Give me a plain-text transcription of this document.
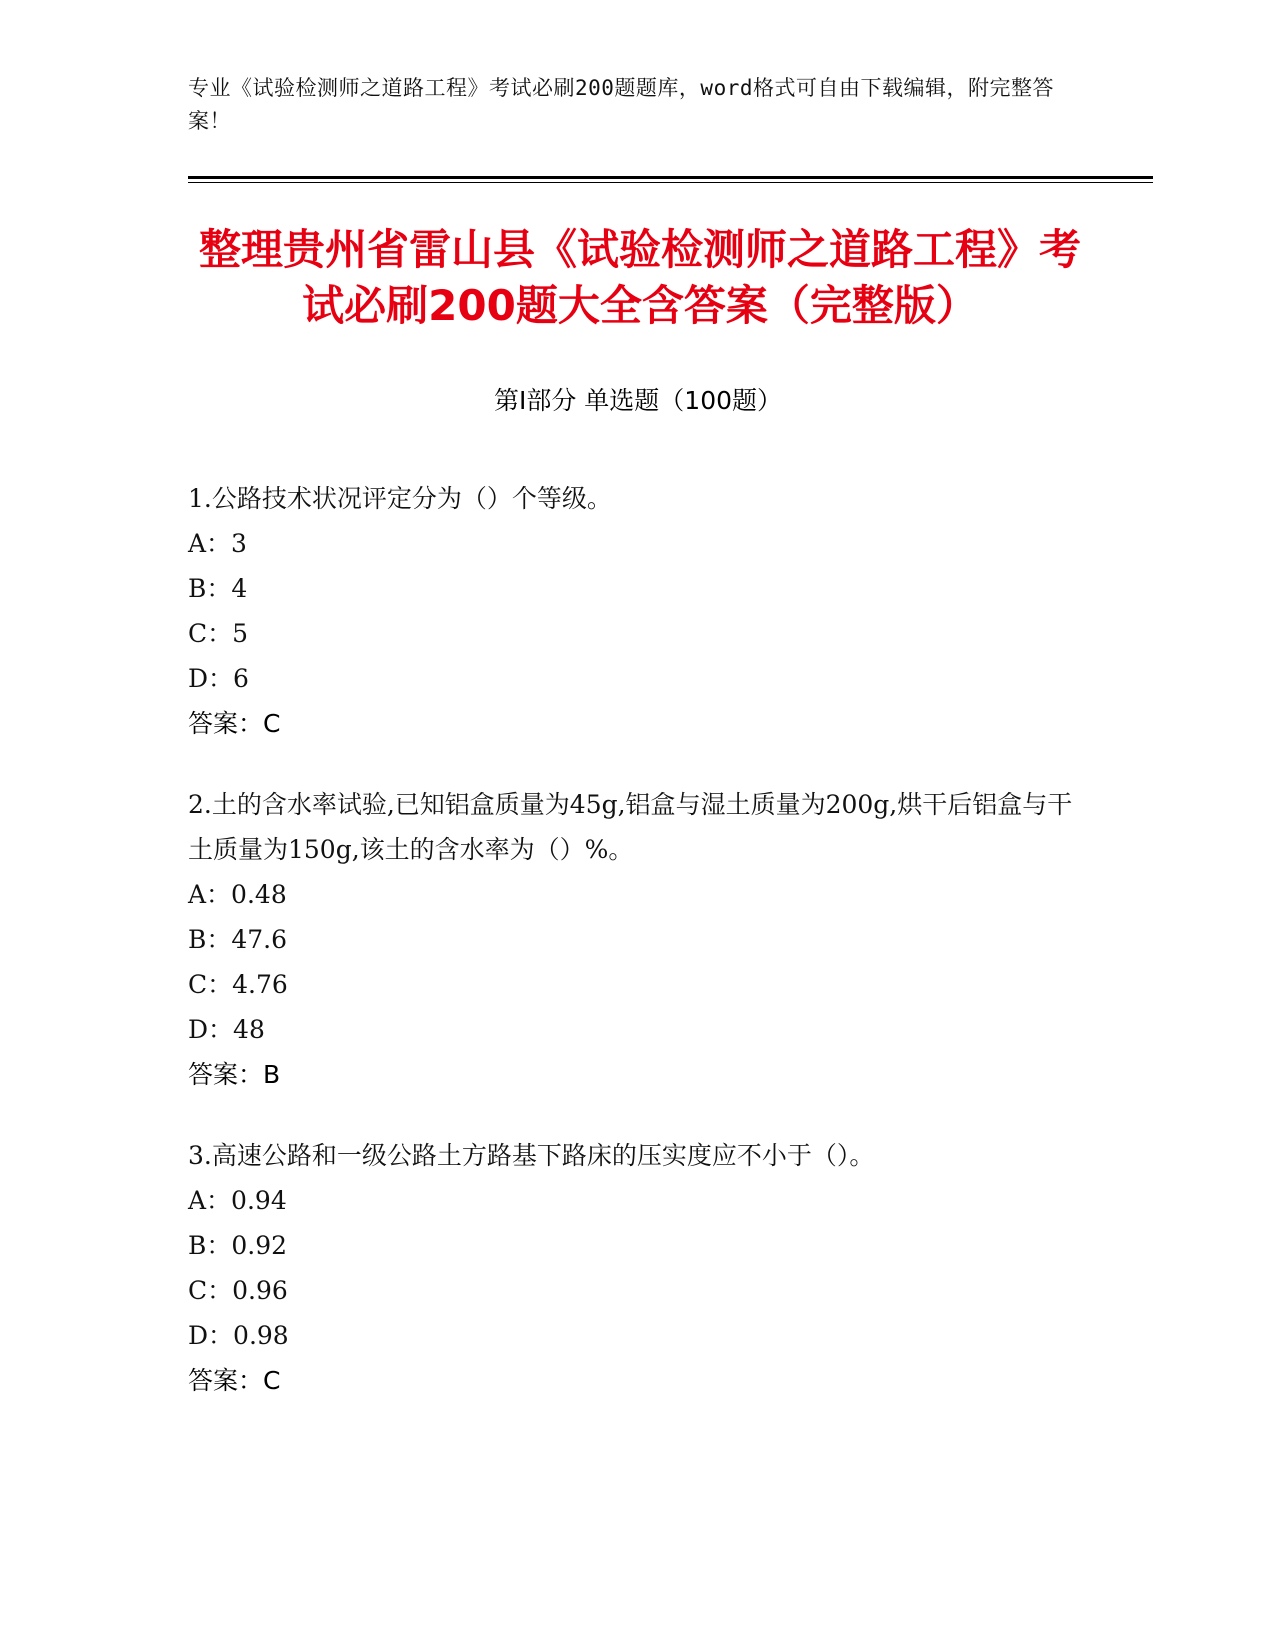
专业《试验检测师之道路工程》考试必刷200题题库，word格式可自由下载编辑，附完整答案！
整理贵州省雷山县《试验检测师之道路工程》考试必刷200题大全含答案（完整版）
第I部分 单选题（100题）
1.公路技术状况评定分为（）个等级。
A：3
B：4
C：5
D：6
答案：C
2.土的含水率试验,已知铝盒质量为45g,铝盒与湿土质量为200g,烘干后铝盒与干土质量为150g,该土的含水率为（）%。
A：0.48
B：47.6
C：4.76
D：48
答案：B
3.高速公路和一级公路土方路基下路床的压实度应不小于（）。
A：0.94
B：0.92
C：0.96
D：0.98
答案：C
